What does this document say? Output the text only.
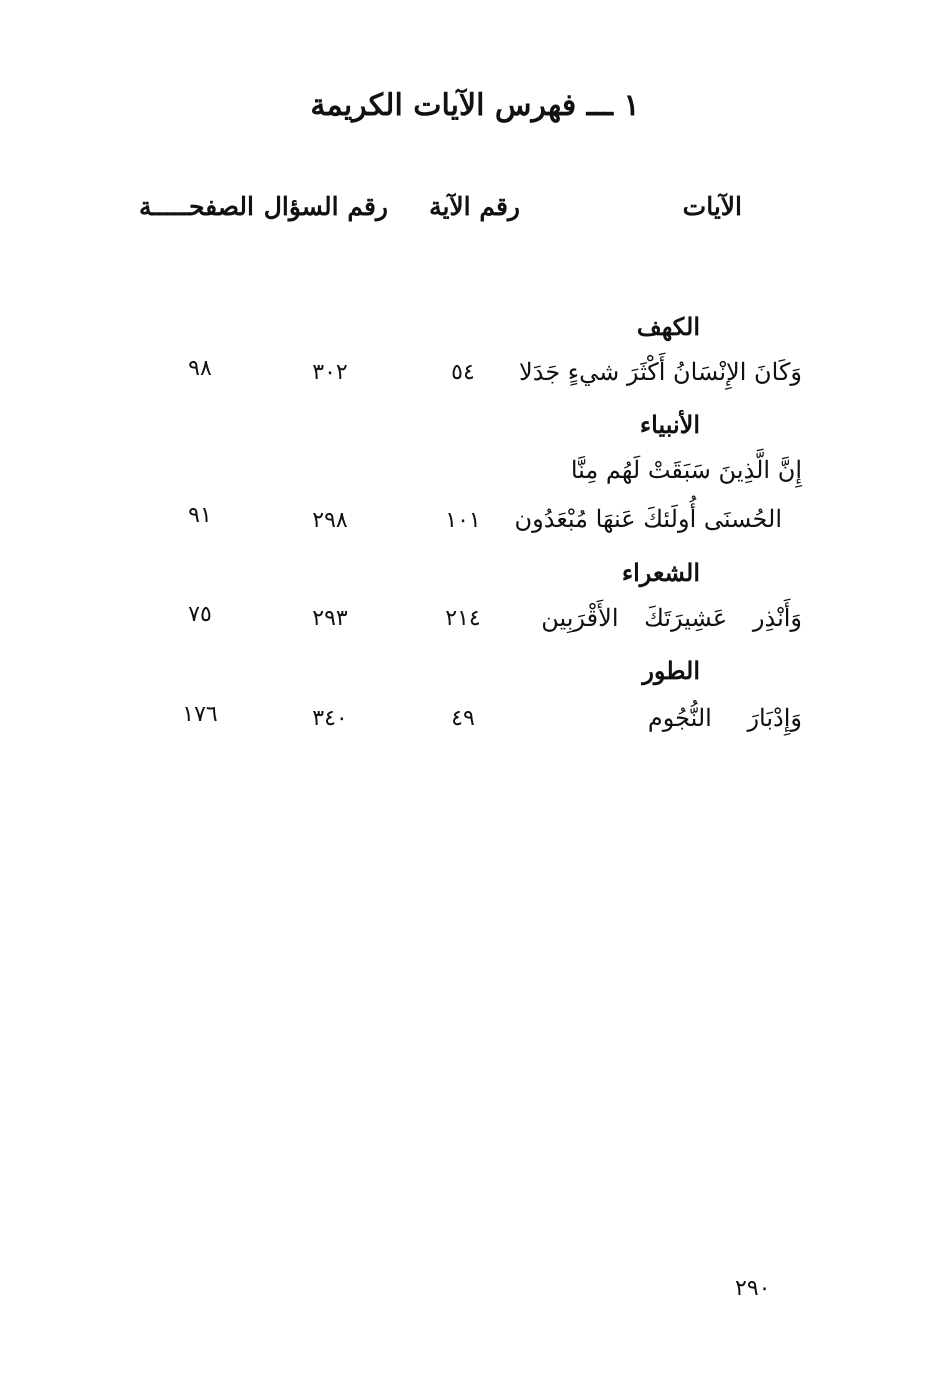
١ ـــ فهرس الآيات الكريمة
الآيات
رقم الآية
رقم السؤال
الصفحـــــة
الكهف
وَكَانَ الإِنْسَانُ أَكْثَرَ شيءٍ جَدَلا
٥٤
٣٠٢
٩٨
الأنبياء
إِنَّ الَّذِينَ سَبَقَتْ لَهُم مِنَّا
الحُسنَى أُولَئكَ عَنهَا مُبْعَدُون
١٠١
٢٩٨
٩١
الشعراء
وَأَنْذِر عَشِيرَتَكَ الأَقْرَبِين
٢١٤
٢٩٣
٧٥
الطور
وَإِدْبَارَ النُّجُوم
٤٩
٣٤٠
١٧٦
٢٩٠
